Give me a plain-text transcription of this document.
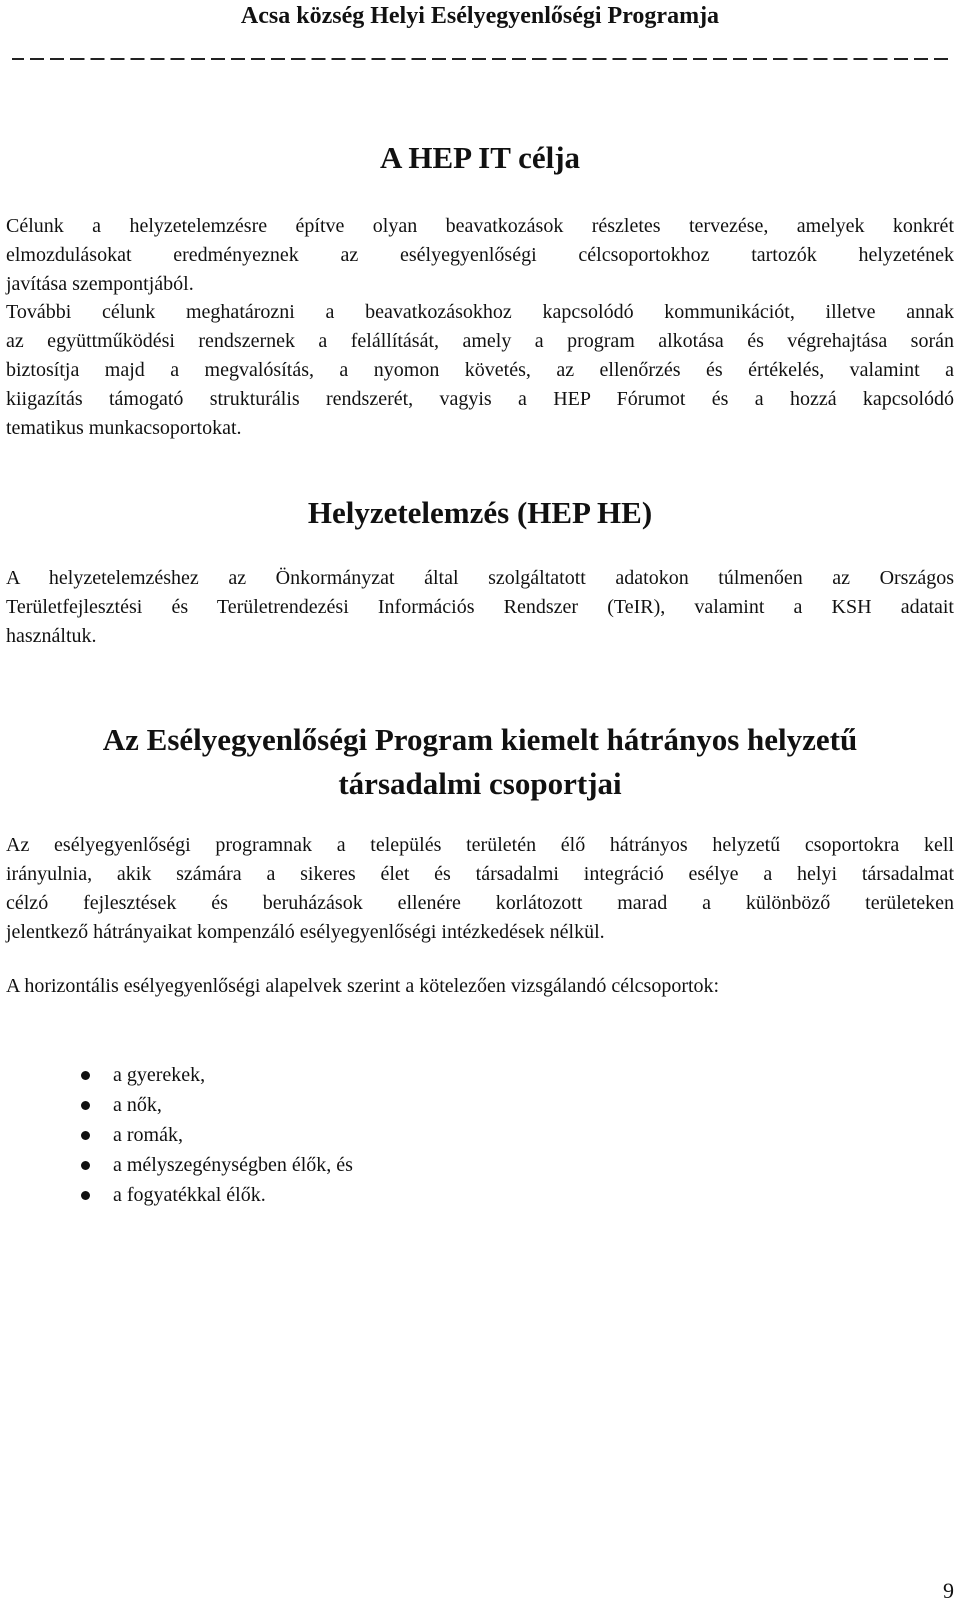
Acsa község Helyi Esélyegyenlőségi Programja
A HEP IT célja

Célunk a helyzetelemzésre építve olyan beavatkozások részletes tervezése, amelyek konkrét
elmozdulásokat eredményeznek az esélyegyenlőségi célcsoportokhoz tartozók helyzetének
javítása szempontjából.

További célunk meghatározni a beavatkozásokhoz kapcsolódó kommunikációt, illetve annak
az együttműködési rendszernek a felállítását, amely a program alkotása és végrehajtása során
biztosítja majd a megvalósítás, a nyomon követés, az ellenőrzés és értékelés, valamint a
kiigazítás támogató strukturális rendszerét, vagyis a HEP Fórumot és a hozzá kapcsolódó
tematikus munkacsoportokat.

Helyzetelemzés (HEP HE)

A helyzetelemzéshez az Önkormányzat által szolgáltatott adatokon túlmenően az Országos
Területfejlesztési és Területrendezési Információs Rendszer (TeIR), valamint a KSH adatait
használtuk.

Az Esélyegyenlőségi Program kiemelt hátrányos helyzetű
társadalmi csoportjai

Az esélyegyenlőségi programnak a település területén élő hátrányos helyzetű csoportokra kell
irányulnia, akik számára a sikeres élet és társadalmi integráció esélye a helyi társadalmat
célzó fejlesztések és beruházások ellenére korlátozott marad a különböző területeken
jelentkező hátrányaikat kompenzáló esélyegyenlőségi intézkedések nélkül.

A horizontális esélyegyenlőségi alapelvek szerint a kötelezően vizsgálandó célcsoportok:

a gyerekek,
a nők,
a romák,
a mélyszegénységben élők, és
a fogyatékkal élők.
9
